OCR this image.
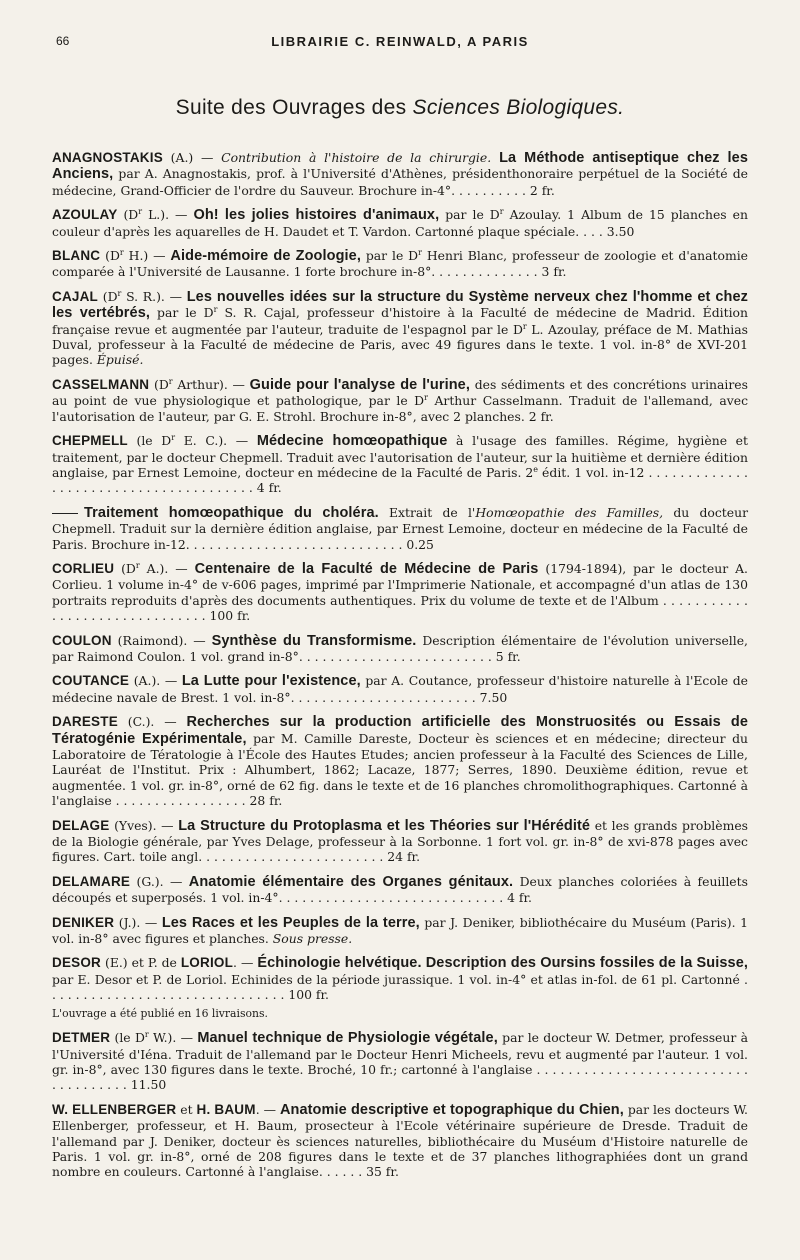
66	LIBRAIRIE C. REINWALD, A PARIS
Suite des Ouvrages des Sciences Biologiques.

ANAGNOSTAKIS (A.) — Contribution à l'histoire de la chirurgie. La Méthode antiseptique chez les Anciens, par A. Anagnostakis, prof. à l'Université d'Athènes, présidenthonoraire perpétuel de la Société de médecine, Grand-Officier de l'ordre du Sauveur. Brochure in-4°. . . . . . . . . . 2 fr.

AZOULAY ($D^r$ L.). — Oh! les jolies histoires d'animaux, par le $D^r$ Azoulay. 1 Album de 15 planches en couleur d'après les aquarelles de H. Daudet et T. Vardon. Cartonné plaque spéciale. . . . 3.50

BLANC ($D^r$ H.) — Aide-mémoire de Zoologie, par le $D^r$ Henri Blanc, professeur de zoologie et d'anatomie comparée à l'Université de Lausanne. 1 forte brochure in-8°. . . . . . . . . . . . . . 3 fr.

CAJAL ($D^r$ S. R.). — Les nouvelles idées sur la structure du Système nerveux chez l'homme et chez les vertébrés, par le $D^r$ S. R. Cajal, professeur d'histoire à la Faculté de médecine de Madrid. Édition française revue et augmentée par l'auteur, traduite de l'espagnol par le $D^r$ L. Azoulay, préface de M. Mathias Duval, professeur à la Faculté de médecine de Paris, avec 49 figures dans le texte. 1 vol. in-8° de XVI-201 pages. Épuisé.

CASSELMANN ($D^r$ Arthur). — Guide pour l'analyse de l'urine, des sédiments et des concrétions urinaires au point de vue physiologique et pathologique, par le $D^r$ Arthur Casselmann. Traduit de l'allemand, avec l'autorisation de l'auteur, par G. E. Strohl. Brochure in-8°, avec 2 planches. 2 fr.

CHEPMELL (le $D^r$ E. C.). — Médecine homœopathique à l'usage des familles. Régime, hygiène et traitement, par le docteur Chepmell. Traduit avec l'autorisation de l'auteur, sur la huitième et dernière édition anglaise, par Ernest Lemoine, docteur en médecine de la Faculté de Paris. 2e édit. 1 vol. in-12 . . . . . . . . . . . . . . . . . . . . . . . . . . . . . . . . . . . . . . . 4 fr.

Traitement homœopathique du choléra. Extrait de l'Homœopathie des Familles, du docteur Chepmell. Traduit sur la dernière édition anglaise, par Ernest Lemoine, docteur en médecine de la Faculté de Paris. Brochure in-12. . . . . . . . . . . . . . . . . . . . . . . . . . . . 0.25

CORLIEU ($D^r$ A.). — Centenaire de la Faculté de Médecine de Paris (1794-1894), par le docteur A. Corlieu. 1 volume in-4° de v-606 pages, imprimé par l'Imprimerie Nationale, et accompagné d'un atlas de 130 portraits reproduits d'après des documents authentiques. Prix du volume de texte et de l'Album . . . . . . . . . . . . . . . . . . . . . . . . . . . . . . . 100 fr.

COULON (Raimond). — Synthèse du Transformisme. Description élémentaire de l'évolution universelle, par Raimond Coulon. 1 vol. grand in-8°. . . . . . . . . . . . . . . . . . . . . . . . . 5 fr.

COUTANCE (A.). — La Lutte pour l'existence, par A. Coutance, professeur d'histoire naturelle à l'Ecole de médecine navale de Brest. 1 vol. in-8°. . . . . . . . . . . . . . . . . . . . . . . . 7.50

DARESTE (C.). — Recherches sur la production artificielle des Monstruosités ou Essais de Tératogénie Expérimentale, par M. Camille Dareste, Docteur ès sciences et en médecine; directeur du Laboratoire de Tératologie à l'École des Hautes Etudes; ancien professeur à la Faculté des Sciences de Lille, Lauréat de l'Institut. Prix : Alhumbert, 1862; Lacaze, 1877; Serres, 1890. Deuxième édition, revue et augmentée. 1 vol. gr. in-8°, orné de 62 fig. dans le texte et de 16 planches chromolithographiques. Cartonné à l'anglaise . . . . . . . . . . . . . . . . . 28 fr.

DELAGE (Yves). — La Structure du Protoplasma et les Théories sur l'Hérédité et les grands problèmes de la Biologie générale, par Yves Delage, professeur à la Sorbonne. 1 fort vol. gr. in-8° de xvi-878 pages avec figures. Cart. toile angl. . . . . . . . . . . . . . . . . . . . . . . . 24 fr.

DELAMARE (G.). — Anatomie élémentaire des Organes génitaux. Deux planches coloriées à feuillets découpés et superposés. 1 vol. in-4°. . . . . . . . . . . . . . . . . . . . . . . . . . . . . 4 fr.

DENIKER (J.). — Les Races et les Peuples de la terre, par J. Deniker, bibliothécaire du Muséum (Paris). 1 vol. in-8° avec figures et planches. Sous presse.

DESOR (E.) et P. de LORIOL. — Échinologie helvétique. Description des Oursins fossiles de la Suisse, par E. Desor et P. de Loriol. Echinides de la période jurassique. 1 vol. in-4° et atlas in-fol. de 61 pl. Cartonné . . . . . . . . . . . . . . . . . . . . . . . . . . . . . . . 100 fr.

L'ouvrage a été publié en 16 livraisons.

DETMER (le $D^r$ W.). — Manuel technique de Physiologie végétale, par le docteur W. Detmer, professeur à l'Université d'Iéna. Traduit de l'allemand par le Docteur Henri Micheels, revu et augmenté par l'auteur. 1 vol. gr. in-8°, avec 130 figures dans le texte. Broché, 10 fr.; cartonné à l'anglaise . . . . . . . . . . . . . . . . . . . . . . . . . . . . . . . . . . . . . 11.50

W. ELLENBERGER et H. BAUM. — Anatomie descriptive et topographique du Chien, par les docteurs W. Ellenberger, professeur, et H. Baum, prosecteur à l'Ecole vétérinaire supérieure de Dresde. Traduit de l'allemand par J. Deniker, docteur ès sciences naturelles, bibliothécaire du Muséum d'Histoire naturelle de Paris. 1 vol. gr. in-8°, orné de 208 figures dans le texte et de 37 planches lithographiées dont un grand nombre en couleurs. Cartonné à l'anglaise. . . . . . 35 fr.
